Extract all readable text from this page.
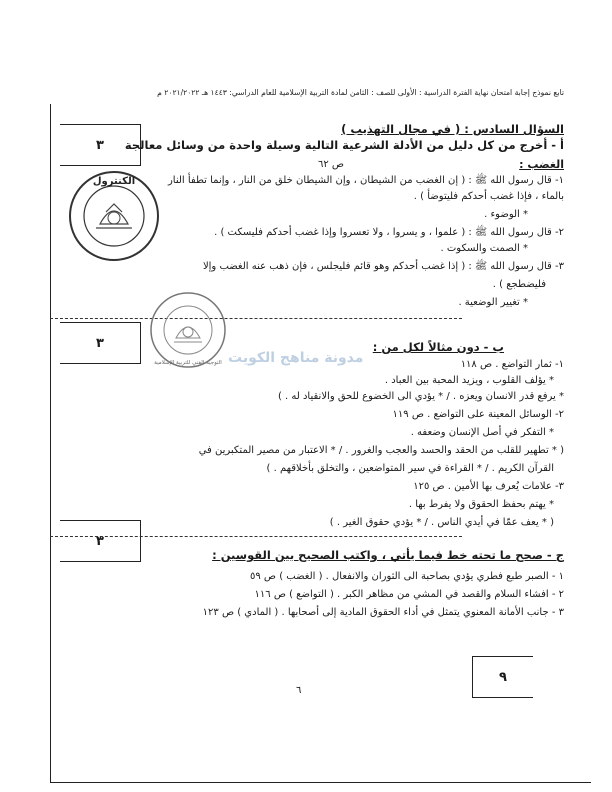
تابع نموذج إجابة امتحان نهاية الفترة الدراسية : الأولى للصف : الثامن لمادة التربية الإسلامية للعام الدراسي: ١٤٤٣ هـ ٢٠٢١/٢٠٢٢ م
٣
السؤال السادس : ( في مجال التهذيب )
أ - أخرج من كل دليل من الأدلة الشرعية التالية وسيلة واحدة من وسائل معالجة
الغضب :
ص ٦٢
١- قال رسول الله ﷺ : ( إن الغضب من الشيطان ، وإن الشيطان خلق من النار ، وإنما تطفأ النار
بالماء ، فإذا غضب أحدكم فليتوضأ ) .
* الوضوء .
٢- قال رسول الله ﷺ : ( علموا ، و يسروا ، ولا تعسروا وإذا غضب أحدكم فليسكت ) .
* الصمت والسكوت .
٣- قال رسول الله ﷺ : ( إذا غضب أحدكم وهو قائم فليجلس ، فإن ذهب عنه الغضب وإلا
فليضطجع ) .
* تغيير الوضعية .
٣	ب - دون مثالاً لكل من :
١- ثمار التواضع . ص ١١٨
* يؤلف القلوب ، ويزيد المحبة بين العباد .
* يرفع قدر الانسان ويعزه . / * يؤدي الى الخضوع للحق والانقياد له . )
٢- الوسائل المعينة على التواضع . ص ١١٩
* التفكر في أصل الإنسان وضعفه .
( * تطهير للقلب من الحقد والحسد والعجب والغرور . / * الاعتبار من مصير المتكبرين في
القرآن الكريم . / * القراءة في سير المتواضعين ، والتخلق بأخلاقهم . )
٣- علامات يُعرف بها الأمين . ص ١٢٥
* يهتم بحفظ الحقوق ولا يفرط بها .
( * يعف عمّا في أيدي الناس . / * يؤدي حقوق الغير . )
٣
ج - صحح ما تحته خط فيما يأتي ، واكتب الصحيح بين القوسين :
١ - الصبر طبع فطري يؤدي بصاحبة الى الثوران والانفعال . ( الغضب ) ص ٥٩
٢ - افشاء السلام والقصد في المشي من مظاهر الكبر . ( التواضع ) ص ١١٦
٣ - جانب الأمانة المعنوي يتمثل في أداء الحقوق المادية إلى أصحابها . ( المادي ) ص ١٢٣
٩
٦
مدونة مناهج الكويت
الكنترول
التوجيه الفني للتربية الإسلامية
